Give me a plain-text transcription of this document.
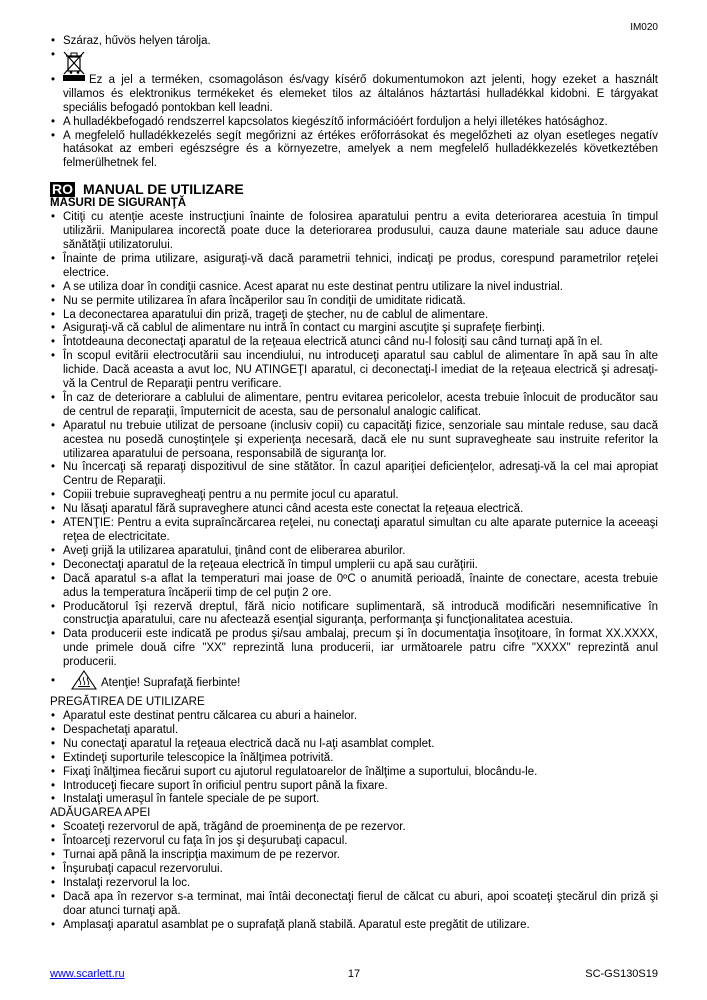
IM020
• Száraz, hűvös helyen tárolja.
•
• Ez a jel a terméken, csomagoláson és/vagy kísérő dokumentumokon azt jelenti, hogy ezeket a használt villamos és elektronikus termékeket és elemeket tilos az általános háztartási hulladékkal kidobni. E tárgyakat speciális befogadó pontokban kell leadni.
• A hulladékbefogadó rendszerrel kapcsolatos kiegészítő információért forduljon a helyi illetékes hatósághoz.
• A megfelelő hulladékkezelés segít megőrizni az értékes erőforrásokat és megelőzheti az olyan esetleges negatív hatásokat az emberi egészségre és a környezetre, amelyek a nem megfelelő hulladékkezelés következtében felmerülhetnek fel.
RO MANUAL DE UTILIZARE
MĂSURI DE SIGURANŢĂ
• Citiţi cu atenţie aceste instrucţiuni înainte de folosirea aparatului pentru a evita deteriorarea acestuia în timpul utilizării. Manipularea incorectă poate duce la deteriorarea produsului, cauza daune materiale sau aduce daune sănătăţii utilizatorului.
• Înainte de prima utilizare, asiguraţi-vă dacă parametrii tehnici, indicaţi pe produs, corespund parametrilor reţelei electrice.
• A se utiliza doar în condiţii casnice. Acest aparat nu este destinat pentru utilizare la nivel industrial.
• Nu se permite utilizarea în afara încăperilor sau în condiţii de umiditate ridicată.
• La deconectarea aparatului din priză, trageţi de ştecher, nu de cablul de alimentare.
• Asiguraţi-vă că cablul de alimentare nu intră în contact cu margini ascuţite şi suprafeţe fierbinţi.
• Întotdeauna deconectaţi aparatul de la reţeaua electrică atunci când nu-l folosiţi sau când turnaţi apă în el.
• În scopul evitării electrocutării sau incendiului, nu introduceţi aparatul sau cablul de alimentare în apă sau în alte lichide. Dacă aceasta a avut loc, NU ATINGEŢI aparatul, ci deconectaţi-l imediat de la reţeaua electrică şi adresaţi-vă la Centrul de Reparaţii pentru verificare.
• În caz de deteriorare a cablului de alimentare, pentru evitarea pericolelor, acesta trebuie înlocuit de producător sau de centrul de reparaţii, împuternicit de acesta, sau de personalul analogic calificat.
• Aparatul nu trebuie utilizat de persoane (inclusiv copii) cu capacităţi fizice, senzoriale sau mintale reduse, sau dacă acestea nu posedă cunoştinţele şi experienţa necesară, dacă ele nu sunt supravegheate sau instruite referitor la utilizarea aparatului de persoana, responsabilă de siguranţa lor.
• Nu încercaţi să reparaţi dispozitivul de sine stătător. În cazul apariţiei deficienţelor, adresaţi-vă la cel mai apropiat Centru de Reparaţii.
• Copiii trebuie supravegheaţi pentru a nu permite jocul cu aparatul.
• Nu lăsaţi aparatul fără supraveghere atunci când acesta este conectat la reţeaua electrică.
• ATENŢIE: Pentru a evita supraîncărcarea reţelei, nu conectaţi aparatul simultan cu alte aparate puternice la aceeaşi reţea de electricitate.
• Aveţi grijă la utilizarea aparatului, ţinând cont de eliberarea aburilor.
• Deconectaţi aparatul de la reţeaua electrică în timpul umplerii cu apă sau curăţirii.
• Dacă aparatul s-a aflat la temperaturi mai joase de 0ºC o anumită perioadă, înainte de conectare, acesta trebuie adus la temperatura încăperii timp de cel puţin 2 ore.
• Producătorul îşi rezervă dreptul, fără nicio notificare suplimentară, să introducă modificări nesemnificative în construcţia aparatului, care nu afectează esenţial siguranţa, performanţa şi funcţionalitatea acestuia.
• Data producerii este indicată pe produs şi/sau ambalaj, precum şi în documentaţia însoţitoare, în format XX.XXXX, unde primele două cifre "XX" reprezintă luna producerii, iar următoarele patru cifre "XXXX" reprezintă anul producerii.
• Atenţie! Suprafaţă fierbinte!
PREGĂTIREA DE UTILIZARE
• Aparatul este destinat pentru călcarea cu aburi a hainelor.
• Despachetaţi aparatul.
• Nu conectaţi aparatul la reţeaua electrică dacă nu l-aţi asamblat complet.
• Extindeţi suporturile telescopice la înălţimea potrivită.
• Fixaţi înălţimea fiecărui suport cu ajutorul regulatoarelor de înălţime a suportului, blocându-le.
• Introduceţi fiecare suport în orificiul pentru suport până la fixare.
• Instalaţi umeraşul în fantele speciale de pe suport.
ADĂUGAREA APEI
• Scoateţi rezervorul de apă, trăgând de proeminenţa de pe rezervor.
• Întoarceţi rezervorul cu faţa în jos şi deşurubaţi capacul.
• Turnai apă până la inscripţia maximum de pe rezervor.
• Înşurubaţi capacul rezervorului.
• Instalaţi rezervorul la loc.
• Dacă apa în rezervor s-a terminat, mai întâi deconectaţi fierul de călcat cu aburi, apoi scoateţi ştecărul din priză şi doar atunci turnaţi apă.
• Amplasaţi aparatul asamblat pe o suprafaţă plană stabilă. Aparatul este pregătit de utilizare.
17
www.scarlett.ru	SC-GS130S19
